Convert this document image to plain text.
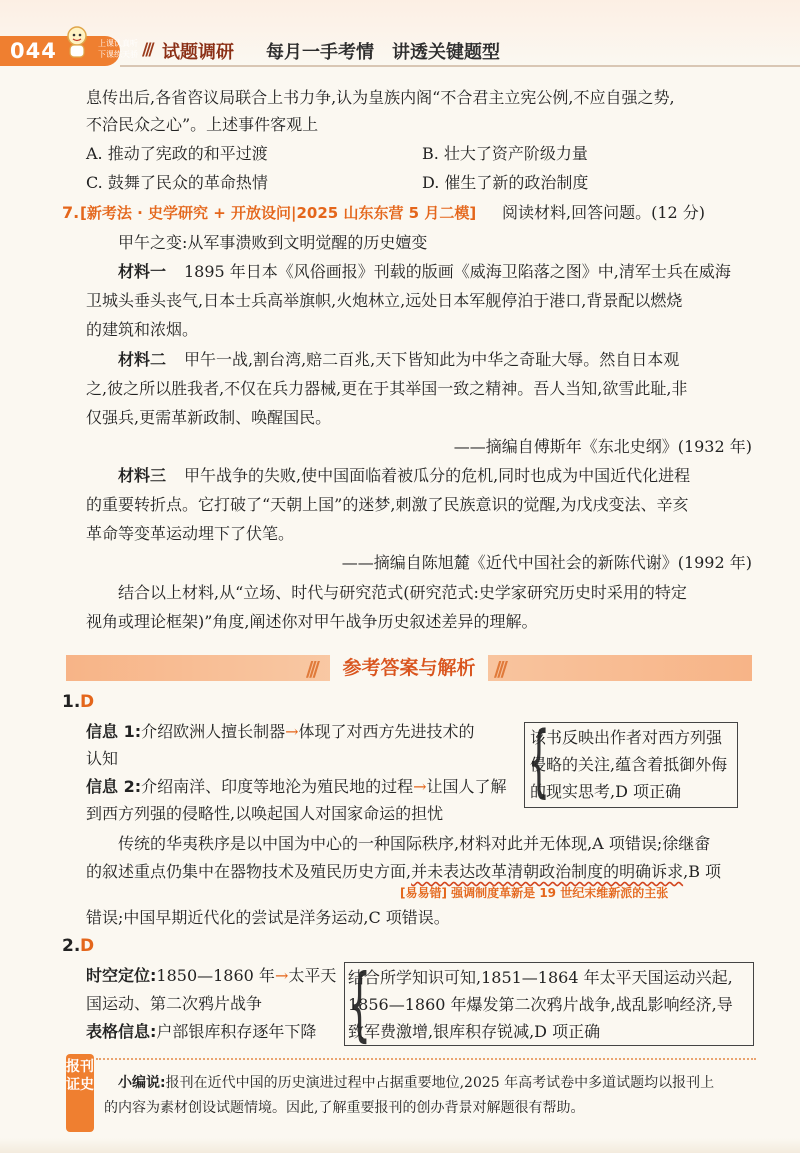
044	上课认真听 下课练天骄 /// 试题调研 每月一手考情　讲透关键题型
息传出后,各省咨议局联合上书力争,认为皇族内阁“不合君主立宪公例,不应自强之势,
不洽民众之心”。上述事件客观上
A. 推动了宪政的和平过渡	B. 壮大了资产阶级力量
C. 鼓舞了民众的革命热情	D. 催生了新的政治制度
7. [新考法 · 史学研究 + 开放设问|2025 山东东营 5 月二模] 阅读材料,回答问题。(12 分)
甲午之变:从军事溃败到文明觉醒的历史嬗变
材料一 1895 年日本《风俗画报》刊载的版画《威海卫陷落之图》中,清军士兵在威海
卫城头垂头丧气,日本士兵高举旗帜,火炮林立,远处日本军舰停泊于港口,背景配以燃烧
的建筑和浓烟。
材料二 甲午一战,割台湾,赔二百兆,天下皆知此为中华之奇耻大辱。然自日本观
之,彼之所以胜我者,不仅在兵力器械,更在于其举国一致之精神。吾人当知,欲雪此耻,非
仅强兵,更需革新政制、唤醒国民。
——摘编自傅斯年《东北史纲》(1932 年)
材料三 甲午战争的失败,使中国面临着被瓜分的危机,同时也成为中国近代化进程
的重要转折点。它打破了“天朝上国”的迷梦,刺激了民族意识的觉醒,为戊戌变法、辛亥
革命等变革运动埋下了伏笔。
——摘编自陈旭麓《近代中国社会的新陈代谢》(1992 年)
结合以上材料,从“立场、时代与研究范式(研究范式:史学家研究历史时采用的特定
视角或理论框架)”角度,阐述你对甲午战争历史叙述差异的理解。
///	参考答案与解析 ///
1. D
信息 1:介绍欧洲人擅长制器→体现了对西方先进技术的
认知
信息 2:介绍南洋、印度等地沦为殖民地的过程→让国人了解
到西方列强的侵略性,以唤起国人对国家命运的担忧
{
该书反映出作者对西方列强
侵略的关注,蕴含着抵御外侮
的现实思考,D 项正确
传统的华夷秩序是以中国为中心的一种国际秩序,材料对此并无体现,A 项错误;徐继畲
的叙述重点仍集中在器物技术及殖民历史方面,并未表达改革清朝政治制度的明确诉求,B 项
[易易错] 强调制度革新是 19 世纪末维新派的主张
错误;中国早期近代化的尝试是洋务运动,C 项错误。
2. D
时空定位:1850—1860 年→太平天
国运动、第二次鸦片战争
表格信息:户部银库积存逐年下降 {
结合所学知识可知,1851—1864 年太平天国运动兴起,
1856—1860 年爆发第二次鸦片战争,战乱影响经济,导
致军费激增,银库积存锐减,D 项正确
报刊证史 小编说:报刊在近代中国的历史演进过程中占据重要地位,2025 年高考试卷中多道试题均以报刊上
的内容为素材创设试题情境。因此,了解重要报刊的创办背景对解题很有帮助。
